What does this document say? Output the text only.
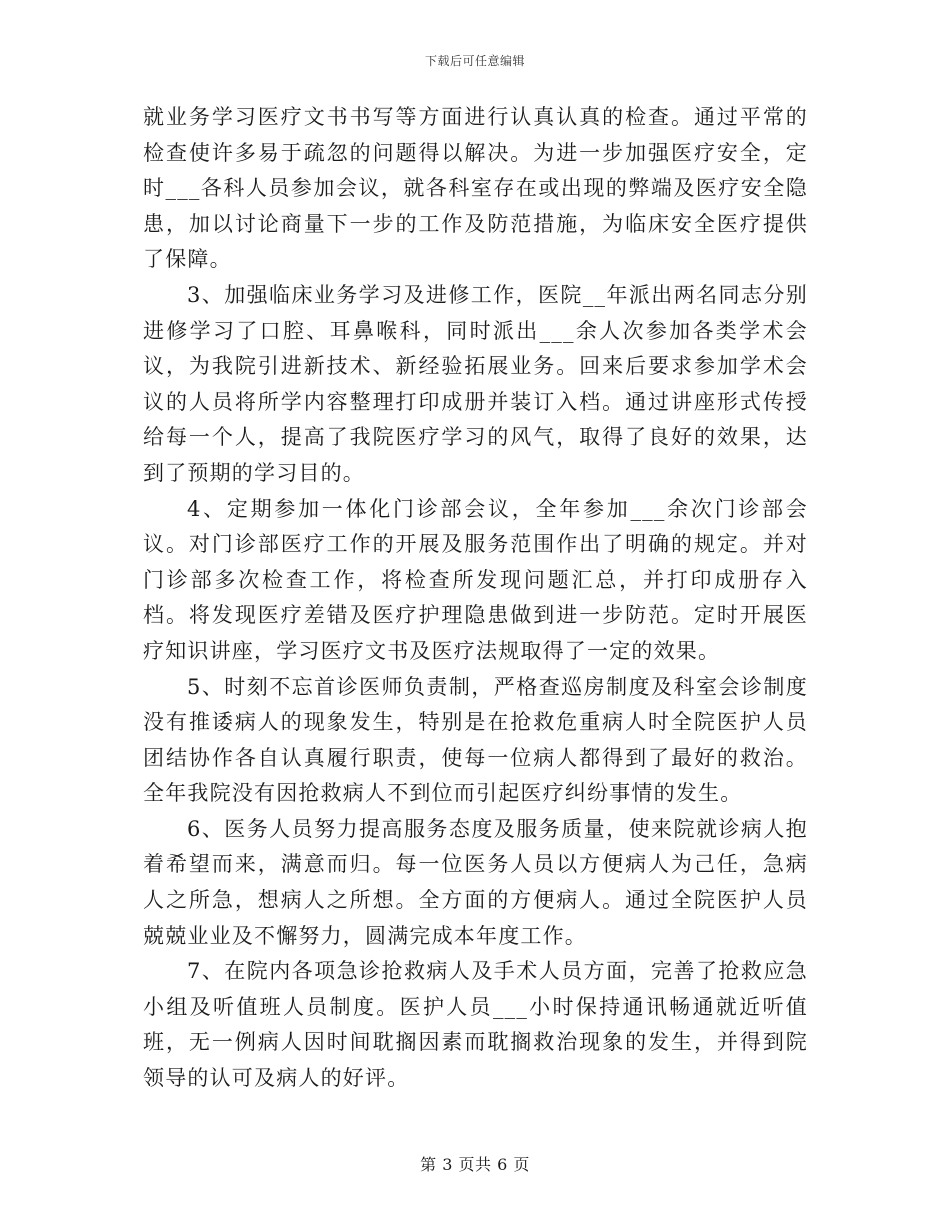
下载后可任意编辑

就业务学习医疗文书书写等方面进行认真认真的检查。通过平常的检查使许多易于疏忽的问题得以解决。为进一步加强医疗安全，定时___各科人员参加会议，就各科室存在或出现的弊端及医疗安全隐患，加以讨论商量下一步的工作及防范措施，为临床安全医疗提供了保障。

3、加强临床业务学习及进修工作，医院__年派出两名同志分别进修学习了口腔、耳鼻喉科，同时派出___余人次参加各类学术会议，为我院引进新技术、新经验拓展业务。回来后要求参加学术会议的人员将所学内容整理打印成册并装订入档。通过讲座形式传授给每一个人，提高了我院医疗学习的风气，取得了良好的效果，达到了预期的学习目的。

4、定期参加一体化门诊部会议，全年参加___余次门诊部会议。对门诊部医疗工作的开展及服务范围作出了明确的规定。并对门诊部多次检查工作，将检查所发现问题汇总，并打印成册存入档。将发现医疗差错及医疗护理隐患做到进一步防范。定时开展医疗知识讲座，学习医疗文书及医疗法规取得了一定的效果。

5、时刻不忘首诊医师负责制，严格查巡房制度及科室会诊制度没有推诿病人的现象发生，特别是在抢救危重病人时全院医护人员团结协作各自认真履行职责，使每一位病人都得到了最好的救治。全年我院没有因抢救病人不到位而引起医疗纠纷事情的发生。

6、医务人员努力提高服务态度及服务质量，使来院就诊病人抱着希望而来，满意而归。每一位医务人员以方便病人为己任，急病人之所急，想病人之所想。全方面的方便病人。通过全院医护人员兢兢业业及不懈努力，圆满完成本年度工作。

7、在院内各项急诊抢救病人及手术人员方面，完善了抢救应急小组及听值班人员制度。医护人员___小时保持通讯畅通就近听值班，无一例病人因时间耽搁因素而耽搁救治现象的发生，并得到院领导的认可及病人的好评。

第 3 页共 6 页
